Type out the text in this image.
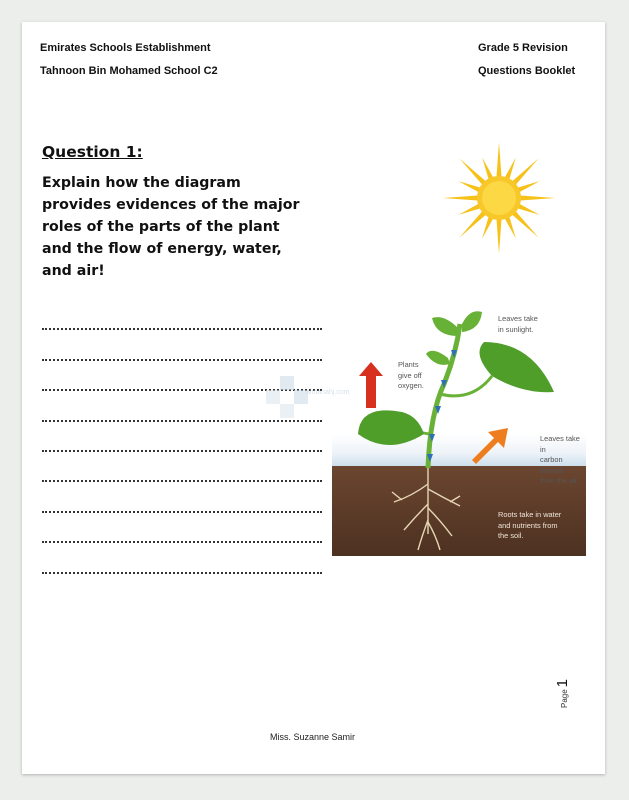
Emirates Schools Establishment
Tahnoon Bin Mohamed School C2
Grade 5 Revision
Questions Booklet
Question 1:
Explain how the diagram provides evidences of the major roles of the parts of the plant and the flow of energy, water, and air!
almanahj.com
Leaves take
in sunlight.
Plants
give off
oxygen.
Leaves take in
carbon dioxide
from the air.
Roots take in water
and nutrients from
the soil.
Page
1
Miss. Suzanne Samir
